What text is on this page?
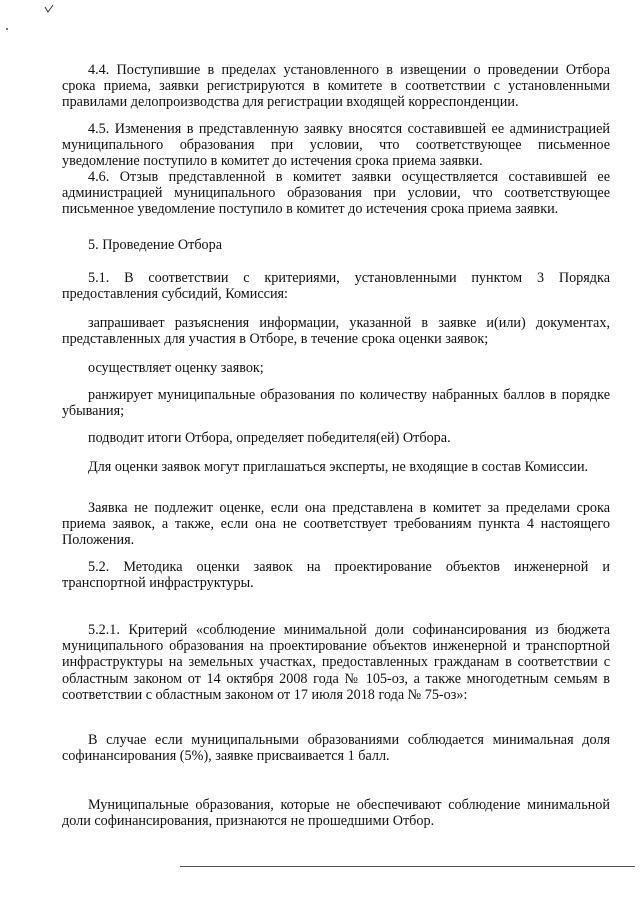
4.4. Поступившие в пределах установленного в извещении о проведении Отбора срока приема, заявки регистрируются в комитете в соответствии с установленными правилами делопроизводства для регистрации входящей корреспонденции.

4.5. Изменения в представленную заявку вносятся составившей ее администрацией муниципального образования при условии, что соответствующее письменное уведомление поступило в комитет до истечения срока приема заявки.

4.6. Отзыв представленной в комитет заявки осуществляется составившей ее администрацией муниципального образования при условии, что соответствующее письменное уведомление поступило в комитет до истечения срока приема заявки.

5. Проведение Отбора

5.1. В соответствии с критериями, установленными пунктом 3 Порядка предоставления субсидий, Комиссия:

запрашивает разъяснения информации, указанной в заявке и(или) документах, представленных для участия в Отборе, в течение срока оценки заявок;

осуществляет оценку заявок;

ранжирует муниципальные образования по количеству набранных баллов в порядке убывания;

подводит итоги Отбора, определяет победителя(ей) Отбора.

Для оценки заявок могут приглашаться эксперты, не входящие в состав Комиссии.

Заявка не подлежит оценке, если она представлена в комитет за пределами срока приема заявок, а также, если она не соответствует требованиям пункта 4 настоящего Положения.

5.2. Методика оценки заявок на проектирование объектов инженерной и транспортной инфраструктуры.

5.2.1. Критерий «соблюдение минимальной доли софинансирования из бюджета муниципального образования на проектирование объектов инженерной и транспортной инфраструктуры на земельных участках, предоставленных гражданам в соответствии с областным законом от 14 октября 2008 года № 105-оз, а также многодетным семьям в соответствии с областным законом от 17 июля 2018 года № 75-оз»:

В случае если муниципальными образованиями соблюдается минимальная доля софинансирования (5%), заявке присваивается 1 балл.

Муниципальные образования, которые не обеспечивают соблюдение минимальной доли софинансирования, признаются не прошедшими Отбор.
